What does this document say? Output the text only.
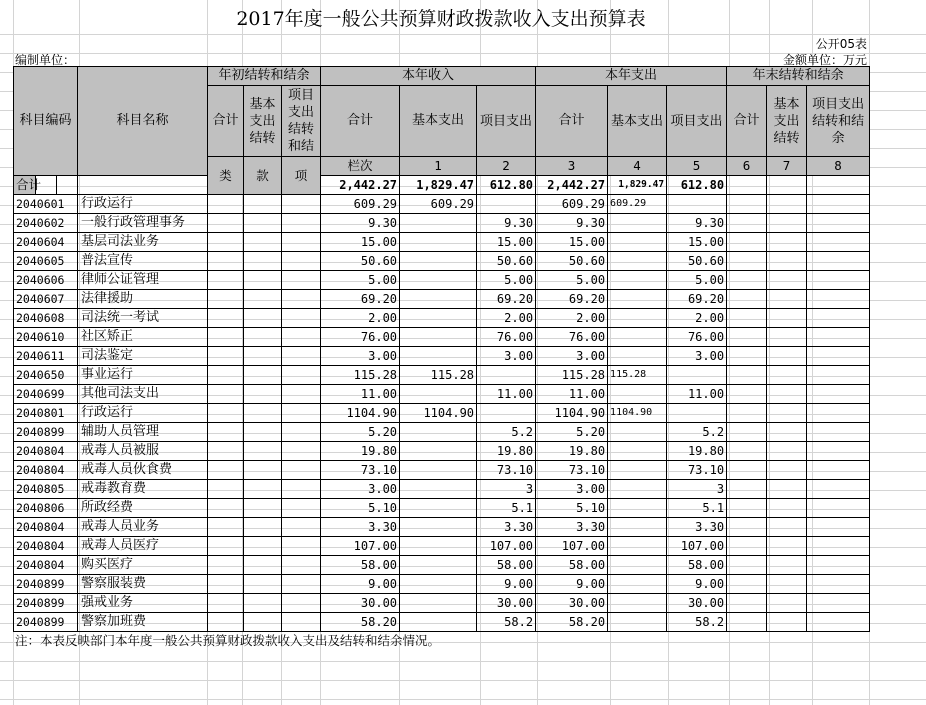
2017年度一般公共预算财政拨款收入支出预算表
公开05表
编制单位：	金额单位：万元
科目编码			科目名称	年初结转和结余			本年收入			本年支出			年末结转和结余			
				合计	基本支出结转	项目支出结转和结	合计	基本支出	项目支出	合计	基本支出	项目支出	合计	基本支出结转	项目支出结转和结余	
				类	款	项	栏次	1	2	3	4	5	6	7	8				
合计							2,442.27	1,829.47	612.80	2,442.27	1,829.47	612.80				
2040601			行政运行				609.29	609.29		609.29	609.29					
2040602			一般行政管理事务				9.30		9.30	9.30		9.30				
2040604			基层司法业务				15.00		15.00	15.00		15.00				
2040605			普法宣传				50.60		50.60	50.60		50.60				
2040606			律师公证管理				5.00		5.00	5.00		5.00				
2040607			法律援助				69.20		69.20	69.20		69.20				
2040608			司法统一考试				2.00		2.00	2.00		2.00				
2040610			社区矫正				76.00		76.00	76.00		76.00				
2040611			司法鉴定				3.00		3.00	3.00		3.00				
2040650			事业运行				115.28	115.28		115.28	115.28					
2040699			其他司法支出				11.00		11.00	11.00		11.00				
2040801			行政运行				1104.90	1104.90		1104.90	1104.90					
2040899			辅助人员管理				5.20		5.2	5.20		5.2				
2040804			戒毒人员被服				19.80		19.80	19.80		19.80				
2040804			戒毒人员伙食费				73.10		73.10	73.10		73.10				
2040805			戒毒教育费				3.00		3	3.00		3				
2040806			所政经费				5.10		5.1	5.10		5.1				
2040804			戒毒人员业务				3.30		3.30	3.30		3.30				
2040804			戒毒人员医疗				107.00		107.00	107.00		107.00				
2040804			购买医疗				58.00		58.00	58.00		58.00				
2040899			警察服装费				9.00		9.00	9.00		9.00				
2040899			强戒业务				30.00		30.00	30.00		30.00				
2040899			警察加班费				58.20		58.2	58.20		58.2				
注：本表反映部门本年度一般公共预算财政拨款收入支出及结转和结余情况。
